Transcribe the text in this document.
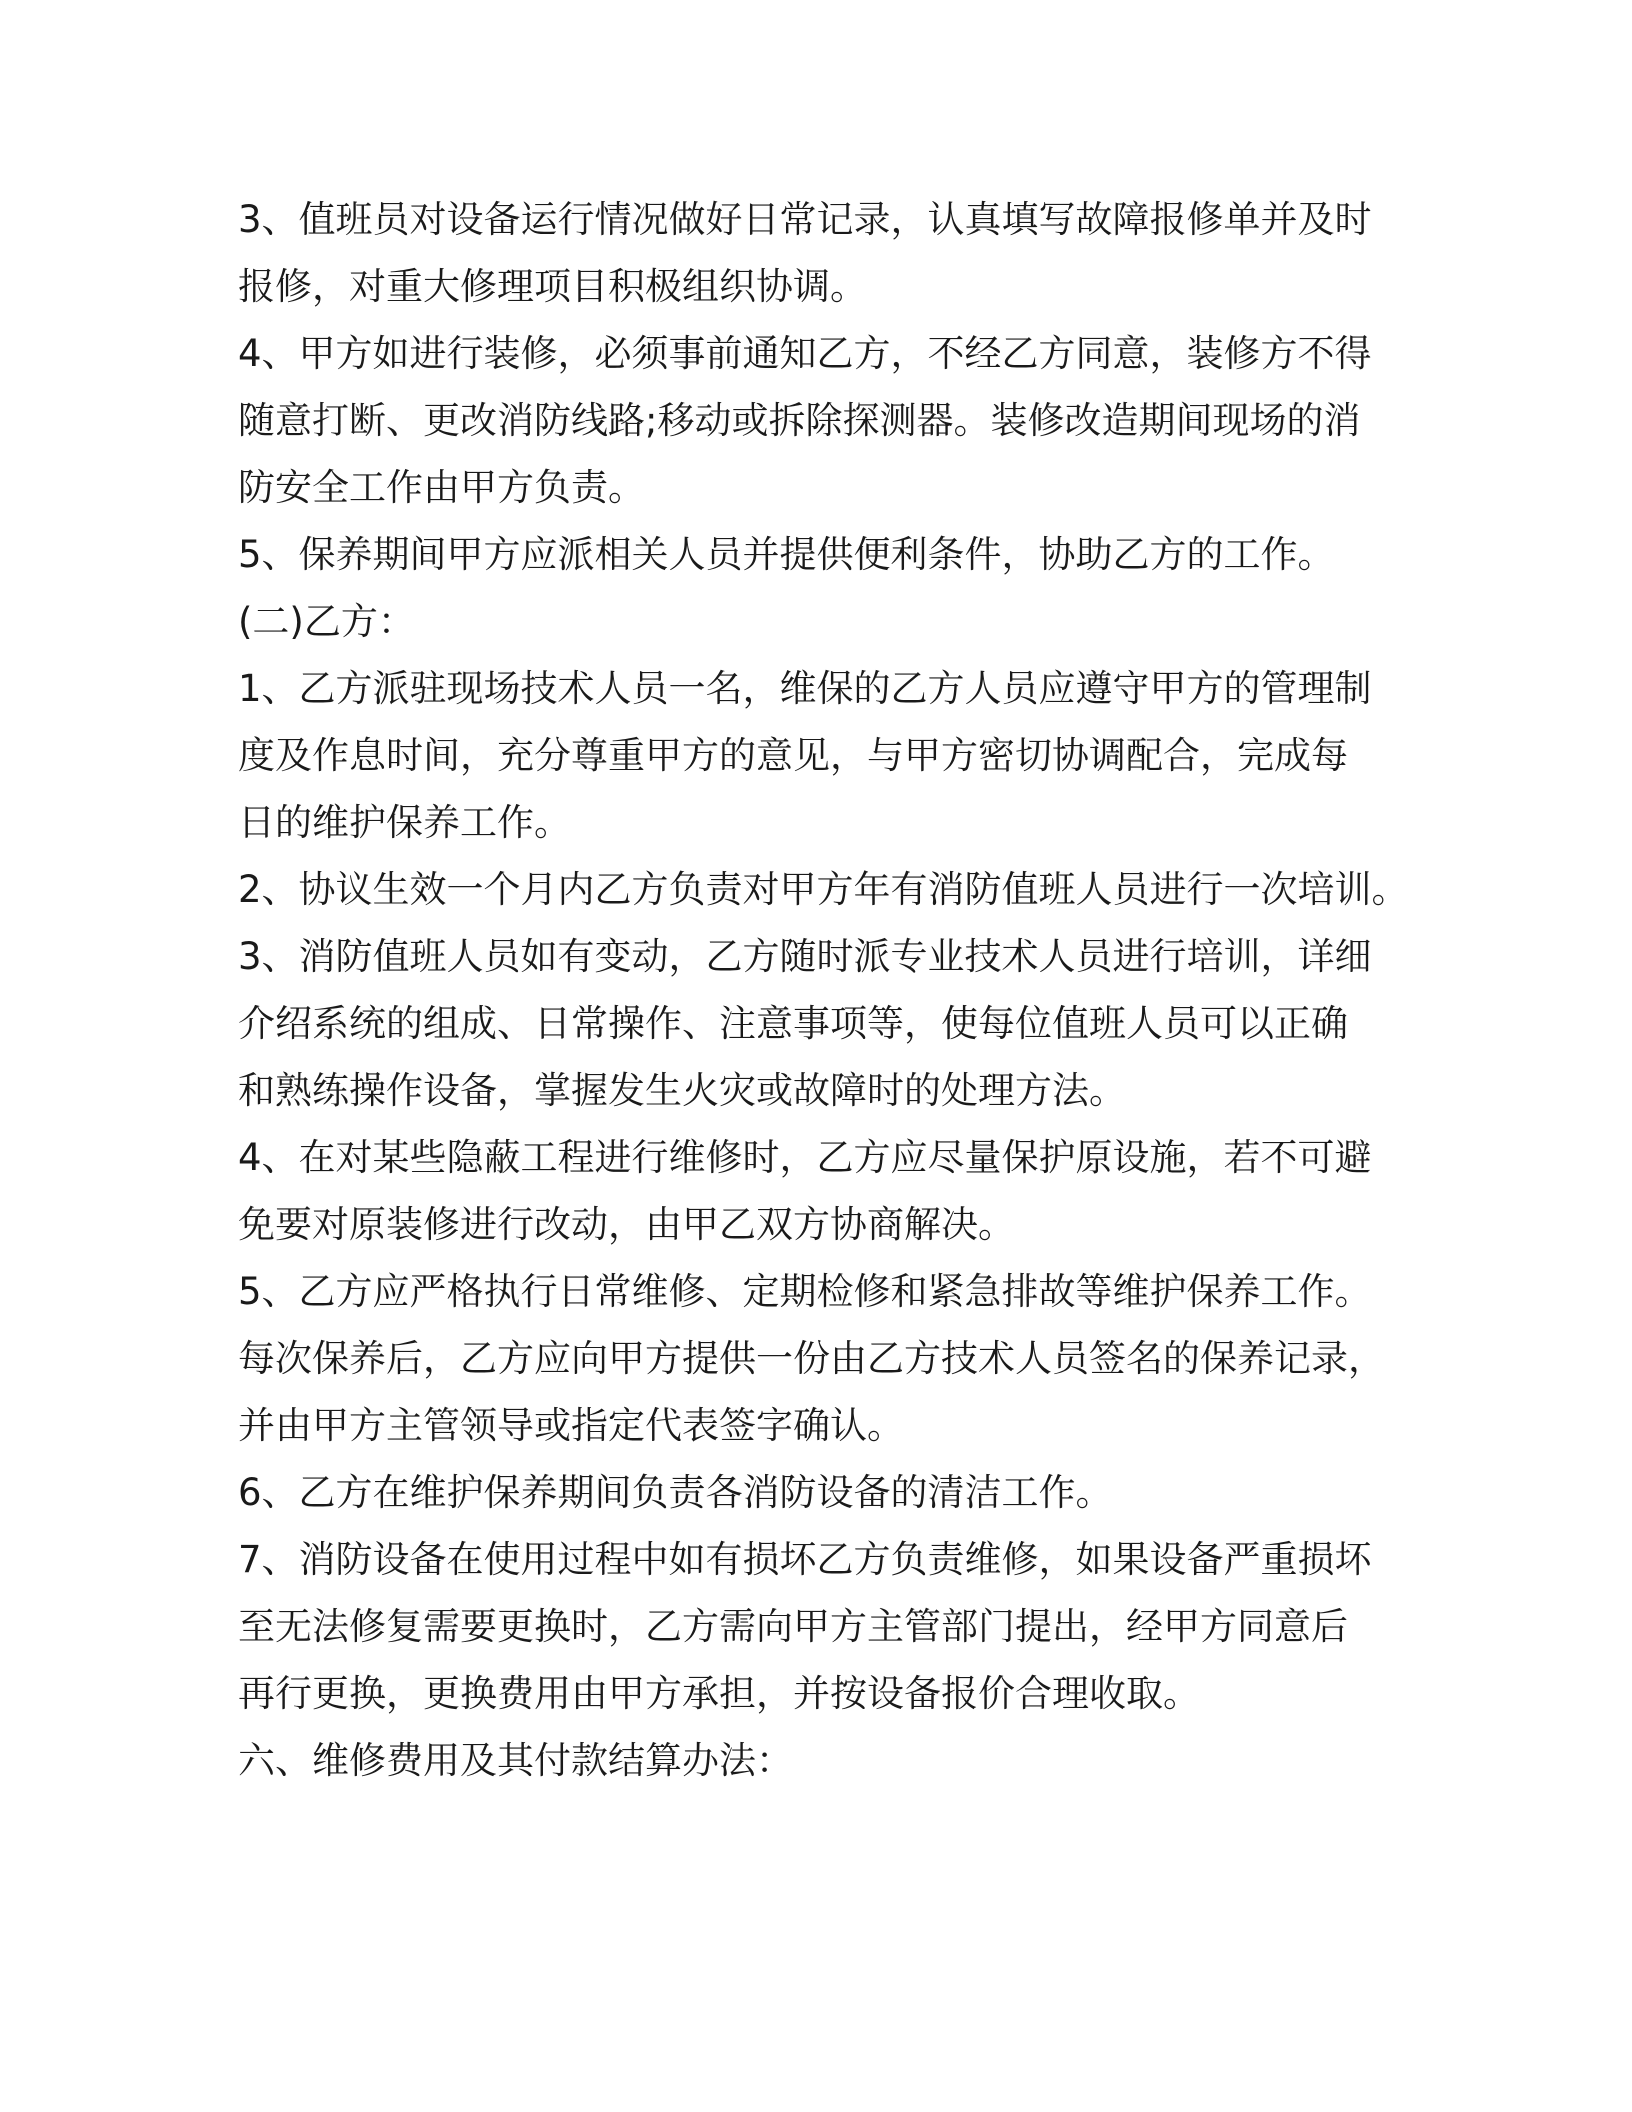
3、值班员对设备运行情况做好日常记录，认真填写故障报修单并及时
报修，对重大修理项目积极组织协调。
4、甲方如进行装修，必须事前通知乙方，不经乙方同意，装修方不得
随意打断、更改消防线路;移动或拆除探测器。装修改造期间现场的消
防安全工作由甲方负责。
5、保养期间甲方应派相关人员并提供便利条件，协助乙方的工作。
(二)乙方：
1、乙方派驻现场技术人员一名，维保的乙方人员应遵守甲方的管理制
度及作息时间，充分尊重甲方的意见，与甲方密切协调配合，完成每
日的维护保养工作。
2、协议生效一个月内乙方负责对甲方年有消防值班人员进行一次培训。
3、消防值班人员如有变动，乙方随时派专业技术人员进行培训，详细
介绍系统的组成、日常操作、注意事项等，使每位值班人员可以正确
和熟练操作设备，掌握发生火灾或故障时的处理方法。
4、在对某些隐蔽工程进行维修时，乙方应尽量保护原设施，若不可避
免要对原装修进行改动，由甲乙双方协商解决。
5、乙方应严格执行日常维修、定期检修和紧急排故等维护保养工作。
每次保养后，乙方应向甲方提供一份由乙方技术人员签名的保养记录，
并由甲方主管领导或指定代表签字确认。
6、乙方在维护保养期间负责各消防设备的清洁工作。
7、消防设备在使用过程中如有损坏乙方负责维修，如果设备严重损坏
至无法修复需要更换时，乙方需向甲方主管部门提出，经甲方同意后
再行更换，更换费用由甲方承担，并按设备报价合理收取。
六、维修费用及其付款结算办法：
